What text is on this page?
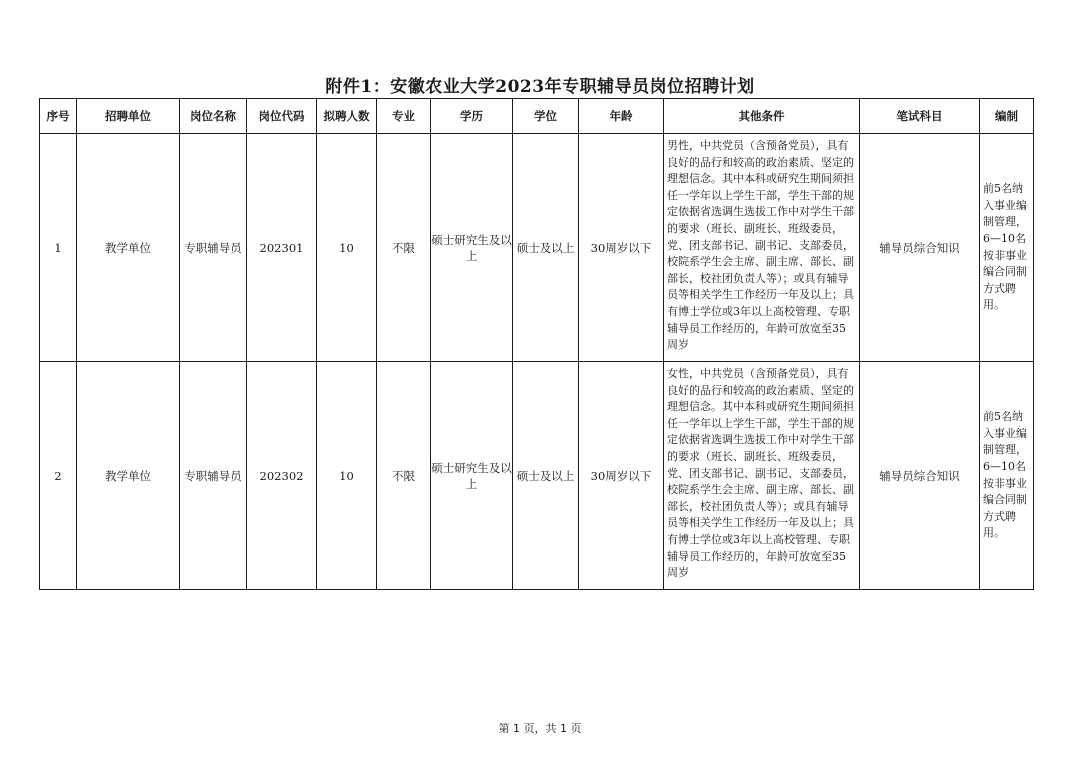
附件1：安徽农业大学2023年专职辅导员岗位招聘计划
序号	招聘单位	岗位名称	岗位代码	拟聘人数	专业	学历	学位	年龄	其他条件	笔试科目	编制
1	教学单位	专职辅导员	202301	10	不限	硕士研究生及以上	硕士及以上	30周岁以下	男性，中共党员（含预备党员），具有良好的品行和较高的政治素质、坚定的理想信念。其中本科或研究生期间须担任一学年以上学生干部，学生干部的规定依据省选调生选拔工作中对学生干部的要求（班长、副班长、班级委员，党、团支部书记、副书记、支部委员，校院系学生会主席、副主席、部长、副部长，校社团负责人等）；或具有辅导员等相关学生工作经历一年及以上；具有博士学位或3年以上高校管理、专职辅导员工作经历的，年龄可放宽至35周岁	辅导员综合知识	前5名纳入事业编制管理，6—10名按非事业编合同制方式聘用。
2	教学单位	专职辅导员	202302	10	不限	硕士研究生及以上	硕士及以上	30周岁以下	女性，中共党员（含预备党员），具有良好的品行和较高的政治素质、坚定的理想信念。其中本科或研究生期间须担任一学年以上学生干部，学生干部的规定依据省选调生选拔工作中对学生干部的要求（班长、副班长、班级委员，党、团支部书记、副书记、支部委员，校院系学生会主席、副主席、部长、副部长，校社团负责人等）；或具有辅导员等相关学生工作经历一年及以上；具有博士学位或3年以上高校管理、专职辅导员工作经历的，年龄可放宽至35周岁	辅导员综合知识	前5名纳入事业编制管理，6—10名按非事业编合同制方式聘用。
第 1 页，共 1 页
